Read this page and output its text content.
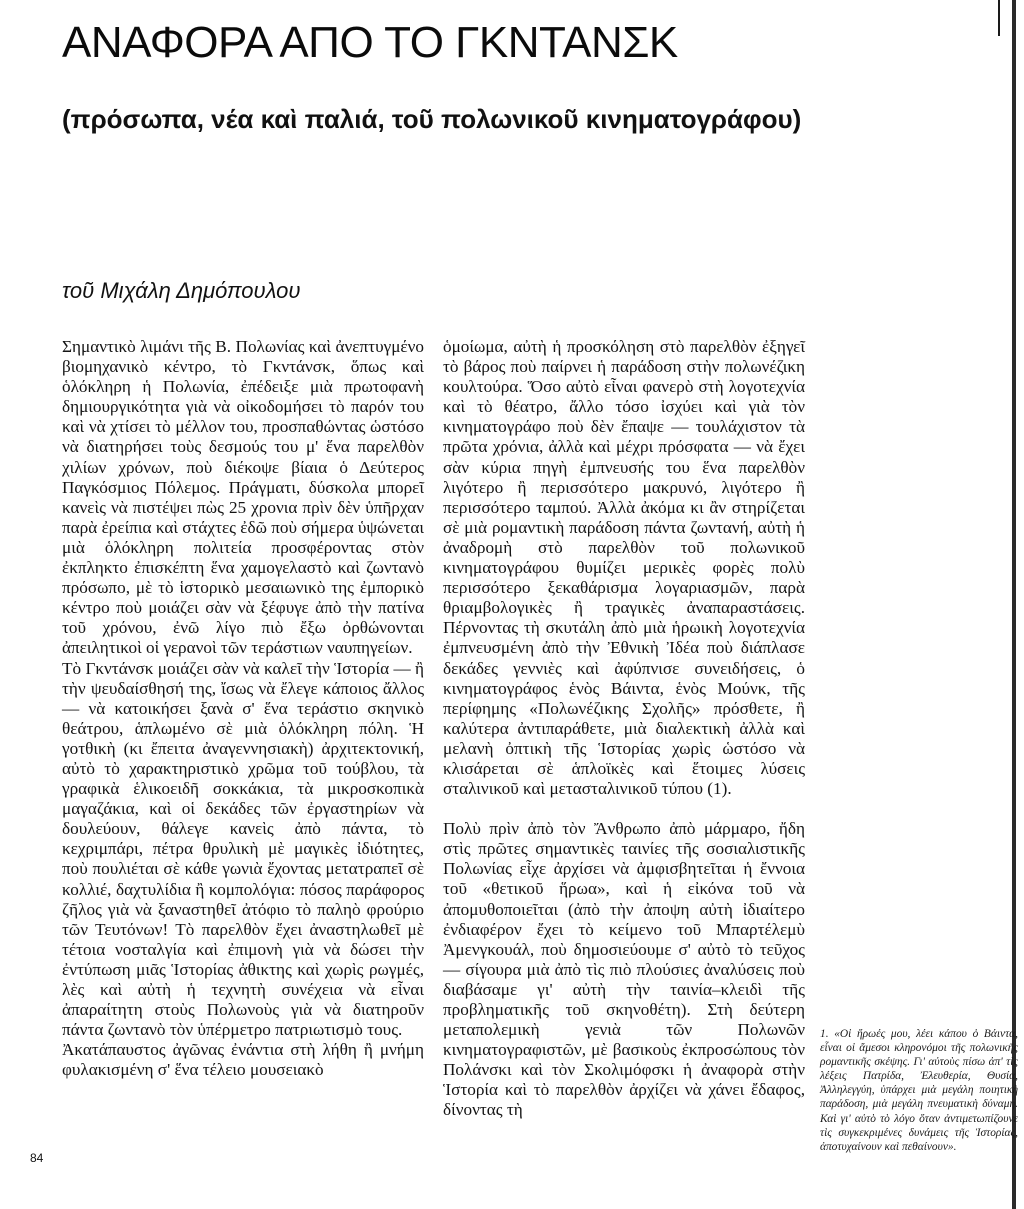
ΑΝΑΦΟΡΑ ΑΠΟ ΤΟ ΓΚΝΤΑΝΣΚ
(πρόσωπα, νέα καὶ παλιά, τοῦ πολωνικοῦ κινηματογράφου)
τοῦ Μιχάλη Δημόπουλου

Σημαντικὸ λιμάνι τῆς Β. Πολωνίας καὶ ἀνεπτυγμένο βιομηχανικὸ κέντρο, τὸ Γκντάνσκ, ὅπως καὶ ὁλόκληρη ἡ Πολωνία, ἐπέδειξε μιὰ πρωτοφανὴ δημιουργικότητα γιὰ νὰ οἰκοδομήσει τὸ παρόν του καὶ νὰ χτίσει τὸ μέλλον του, προσπαθώντας ὡστόσο νὰ διατηρήσει τοὺς δεσμούς του μ' ἕνα παρελθὸν χιλίων χρόνων, ποὺ διέκοψε βίαια ὁ Δεύτερος Παγκόσμιος Πόλεμος. Πράγματι, δύσκολα μπορεῖ κανεὶς νὰ πιστέψει πὼς 25 χρονια πρὶν δὲν ὑπῆρχαν παρὰ ἐρείπια καὶ στάχτες ἐδῶ ποὺ σήμερα ὑψώνεται μιὰ ὁλόκληρη πολιτεία προσφέροντας στὸν ἐκπληκτο ἐπισκέπτη ἕνα χαμογελαστὸ καὶ ζωντανὸ πρόσωπο, μὲ τὸ ἱστορικὸ μεσαιωνικὸ της ἐμπορικὸ κέντρο ποὺ μοιάζει σὰν νὰ ξέφυγε ἀπὸ τὴν πατίνα τοῦ χρόνου, ἐνῶ λίγο πιὸ ἔξω ὀρθώνονται ἀπειλητικοὶ οἱ γερανοὶ τῶν τεράστιων ναυπηγείων.

Τὸ Γκντάνσκ μοιάζει σὰν νὰ καλεῖ τὴν Ἱστορία — ἢ τὴν ψευδαίσθησή της, ἴσως νὰ ἔλεγε κάποιος ἄλλος — νὰ κατοικήσει ξανὰ σ' ἕνα τεράστιο σκηνικὸ θεάτρου, ἁπλωμένο σὲ μιὰ ὁλόκληρη πόλη. Ἡ γοτθικὴ (κι ἔπειτα ἀναγεννησιακὴ) ἀρχιτεκτονική, αὐτὸ τὸ χαρακτηριστικὸ χρῶμα τοῦ τούβλου, τὰ γραφικὰ ἑλικοειδῆ σοκκάκια, τὰ μικροσκοπικὰ μαγαζάκια, καὶ οἱ δεκάδες τῶν ἐργαστηρίων νὰ δουλεύουν, θάλεγε κανεὶς ἀπὸ πάντα, τὸ κεχριμπάρι, πέτρα θρυλικὴ μὲ μαγικὲς ἰδιότητες, ποὺ πουλιέται σὲ κάθε γωνιὰ ἔχοντας μετατραπεῖ σὲ κολλιέ, δαχτυλίδια ἢ κομπολόγια: πόσος παράφορος ζῆλος γιὰ νὰ ξαναστηθεῖ ἀτόφιο τὸ παληὸ φρούριο τῶν Τευτόνων! Τὸ παρελθὸν ἔχει ἀναστηλωθεῖ μὲ τέτοια νοσταλγία καὶ ἐπιμονὴ γιὰ νὰ δώσει τὴν ἐντύπωση μιᾶς Ἱστορίας ἀθικτης καὶ χωρὶς ρωγμές, λὲς καὶ αὐτὴ ἡ τεχνητὴ συνέχεια νὰ εἶναι ἀπαραίτητη στοὺς Πολωνοὺς γιὰ νὰ διατηροῦν πάντα ζωντανὸ τὸν ὑπέρμετρο πατριωτισμὸ τους.

Ἀκατάπαυστος ἀγῶνας ἐνάντια στὴ λήθη ἢ μνήμη φυλακισμένη σ' ἕνα τέλειο μουσειακὸ

ὁμοίωμα, αὐτὴ ἡ προσκόληση στὸ παρελθὸν ἐξηγεῖ τὸ βάρος ποὺ παίρνει ἡ παράδοση στὴν πολωνέζικη κουλτούρα. Ὅσο αὐτὸ εἶναι φανερὸ στὴ λογοτεχνία καὶ τὸ θέατρο, ἄλλο τόσο ἰσχύει καὶ γιὰ τὸν κινηματογράφο ποὺ δὲν ἔπαψε — τουλάχιστον τὰ πρῶτα χρόνια, ἀλλὰ καὶ μέχρι πρόσφατα — νὰ ἔχει σὰν κύρια πηγὴ ἐμπνευσής του ἕνα παρελθὸν λιγότερο ἢ περισσότερο μακρυνό, λιγότερο ἢ περισσότερο ταμπού. Ἀλλὰ ἀκόμα κι ἂν στηρίζεται σὲ μιὰ ρομαντικὴ παράδοση πάντα ζωντανή, αὐτὴ ἡ ἀναδρομὴ στὸ παρελθὸν τοῦ πολωνικοῦ κινηματογράφου θυμίζει μερικὲς φορὲς πολὺ περισσότερο ξεκαθάρισμα λογαριασμῶν, παρὰ θριαμβολογικὲς ἢ τραγικὲς ἀναπαραστάσεις. Πέρνοντας τὴ σκυτάλη ἀπὸ μιὰ ἡρωικὴ λογοτεχνία ἐμπνευσμένη ἀπὸ τὴν Ἐθνικὴ Ἰδέα ποὺ διάπλασε δεκάδες γεννιὲς καὶ ἀφύπνισε συνειδήσεις, ὁ κινηματογράφος ἑνὸς Βάιντα, ἑνὸς Μούνκ, τῆς περίφημης «Πολωνέζικης Σχολῆς» πρόσθετε, ἢ καλύτερα ἀντιπαράθετε, μιὰ διαλεκτικὴ ἀλλὰ καὶ μελανὴ ὀπτικὴ τῆς Ἱστορίας χωρὶς ὡστόσο νὰ κλισάρεται σὲ ἁπλοϊκὲς καὶ ἕτοιμες λύσεις σταλινικοῦ καὶ μετασταλινικοῦ τύπου (1).

Πολὺ πρὶν ἀπὸ τὸν Ἄνθρωπο ἀπὸ μάρμαρο, ἤδη στὶς πρῶτες σημαντικὲς ταινίες τῆς σοσιαλιστικῆς Πολωνίας εἶχε ἀρχίσει νὰ ἀμφισβητεῖται ἡ ἔννοια τοῦ «θετικοῦ ἥρωα», καὶ ἡ εἰκόνα τοῦ νὰ ἀπομυθοποιεῖται (ἀπὸ τὴν ἀποψη αὐτὴ ἰδιαίτερο ἐνδιαφέρον ἔχει τὸ κείμενο τοῦ Μπαρτέλεμὺ Ἀμενγκουάλ, ποὺ δημοσιεύουμε σ' αὐτὸ τὸ τεῦχος — σίγουρα μιὰ ἀπὸ τὶς πιὸ πλούσιες ἀναλύσεις ποὺ διαβάσαμε γι' αὐτὴ τὴν ταινία–κλειδὶ τῆς προβληματικῆς τοῦ σκηνοθέτη). Στὴ δεύτερη μεταπολεμικὴ γενιὰ τῶν Πολωνῶν κινηματογραφιστῶν, μὲ βασικοὺς ἐκπροσώπους τὸν Πολάνσκι καὶ τὸν Σκολιμόφσκι ἡ ἀναφορὰ στὴν Ἱστορία καὶ τὸ παρελθὸν ἀρχίζει νὰ χάνει ἔδαφος, δίνοντας τὴ

1. «Οἱ ἥρωές μου, λέει κάπου ὁ Βάιντα, εἶναι οἱ ἄμεσοι κληρονόμοι τῆς πολωνικῆς ρομαντικῆς σκέψης. Γι' αὐτοὺς πίσω ἀπ' τὶς λέξεις Πατρίδα, Ἐλευθερία, Θυσία, Ἀλληλεγγύη, ὑπάρχει μιὰ μεγάλη ποιητικὴ παράδοση, μιὰ μεγάλη πνευματικὴ δύναμη. Καὶ γι' αὐτὸ τὸ λόγο ὅταν ἀντιμετωπίζουνε τὶς συγκεκριμένες δυνάμεις τῆς Ἱστορίας, ἀποτυχαίνουν καὶ πεθαίνουν».
84
